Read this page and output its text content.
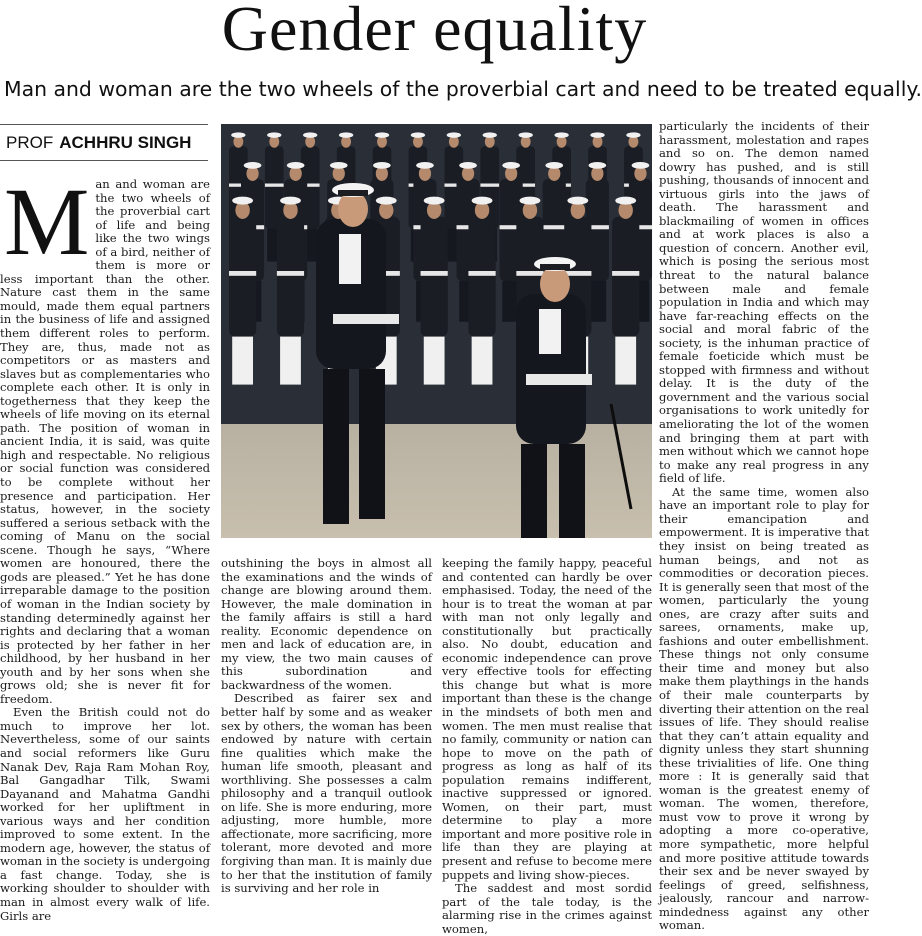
Gender equality
Man and woman are the two wheels of the proverbial cart and need to be treated equally.
PROF ACHHRU SINGH
M an and woman are the two wheels of the proverbial cart of life and being like the two wings of a bird, neither of them is more or less important than the other. Nature cast them in the same mould, made them equal partners in the business of life and assigned them different roles to perform. They are, thus, made not as competitors or as masters and slaves but as complementaries who complete each other. It is only in togetherness that they keep the wheels of life moving on its eternal path. The position of woman in ancient India, it is said, was quite high and respectable. No religious or social function was considered to be complete without her presence and participation. Her status, however, in the society suffered a serious setback with the coming of Manu on the social scene. Though he says, “Where women are honoured, there the gods are pleased.” Yet he has done irreparable damage to the position of woman in the Indian society by standing determinedly against her rights and declaring that a woman is protected by her father in her childhood, by her husband in her youth and by her sons when she grows old; she is never fit for freedom.

Even the British could not do much to improve her lot. Nevertheless, some of our saints and social reformers like Guru Nanak Dev, Raja Ram Mohan Roy, Bal Gangadhar Tilk, Swami Dayanand and Mahatma Gandhi worked for her upliftment in various ways and her condition improved to some extent. In the modern age, however, the status of woman in the society is undergoing a fast change. Today, she is working shoulder to shoulder with man in almost every walk of life. Girls are

outshining the boys in almost all the examinations and the winds of change are blowing around them. However, the male domination in the family affairs is still a hard reality. Economic dependence on men and lack of education are, in my view, the two main causes of this subordination and backwardness of the women.

Described as fairer sex and better half by some and as weaker sex by others, the woman has been endowed by nature with certain fine qualities which make the human life smooth, pleasant and worthliving. She possesses a calm philosophy and a tranquil outlook on life. She is more enduring, more adjusting, more humble, more affectionate, more sacrificing, more tolerant, more devoted and more forgiving than man. It is mainly due to her that the institution of family is surviving and her role in

keeping the family happy, peaceful and contented can hardly be over emphasised. Today, the need of the hour is to treat the woman at par with man not only legally and constitutionally but practically also. No doubt, education and economic independence can prove very effective tools for effecting this change but what is more important than these is the change in the mindsets of both men and women. The men must realise that no family, community or nation can hope to move on the path of progress as long as half of its population remains indifferent, inactive suppressed or ignored. Women, on their part, must determine to play a more important and more positive role in life than they are playing at present and refuse to become mere puppets and living show-pieces.

The saddest and most sordid part of the tale today, is the alarming rise in the crimes against women,

particularly the incidents of their harassment, molestation and rapes and so on. The demon named dowry has pushed, and is still pushing, thousands of innocent and virtuous girls into the jaws of death. The harassment and blackmailing of women in offices and at work places is also a question of concern. Another evil, which is posing the serious most threat to the natural balance between male and female population in India and which may have far-reaching effects on the social and moral fabric of the society, is the inhuman practice of female foeticide which must be stopped with firmness and without delay. It is the duty of the government and the various social organisations to work unitedly for ameliorating the lot of the women and bringing them at part with men without which we cannot hope to make any real progress in any field of life.

At the same time, women also have an important role to play for their emancipation and empowerment. It is imperative that they insist on being treated as human beings, and not as commodities or decoration pieces. It is generally seen that most of the women, particularly the young ones, are crazy after suits and sarees, ornaments, make up, fashions and outer embellishment. These things not only consume their time and money but also make them playthings in the hands of their male counterparts by diverting their attention on the real issues of life. They should realise that they can’t attain equality and dignity unless they start shunning these trivialities of life. One thing more : It is generally said that woman is the greatest enemy of woman. The women, therefore, must vow to prove it wrong by adopting a more co-operative, more sympathetic, more helpful and more positive attitude towards their sex and be never swayed by feelings of greed, selfishness, jealously, rancour and narrow-mindedness against any other woman.
